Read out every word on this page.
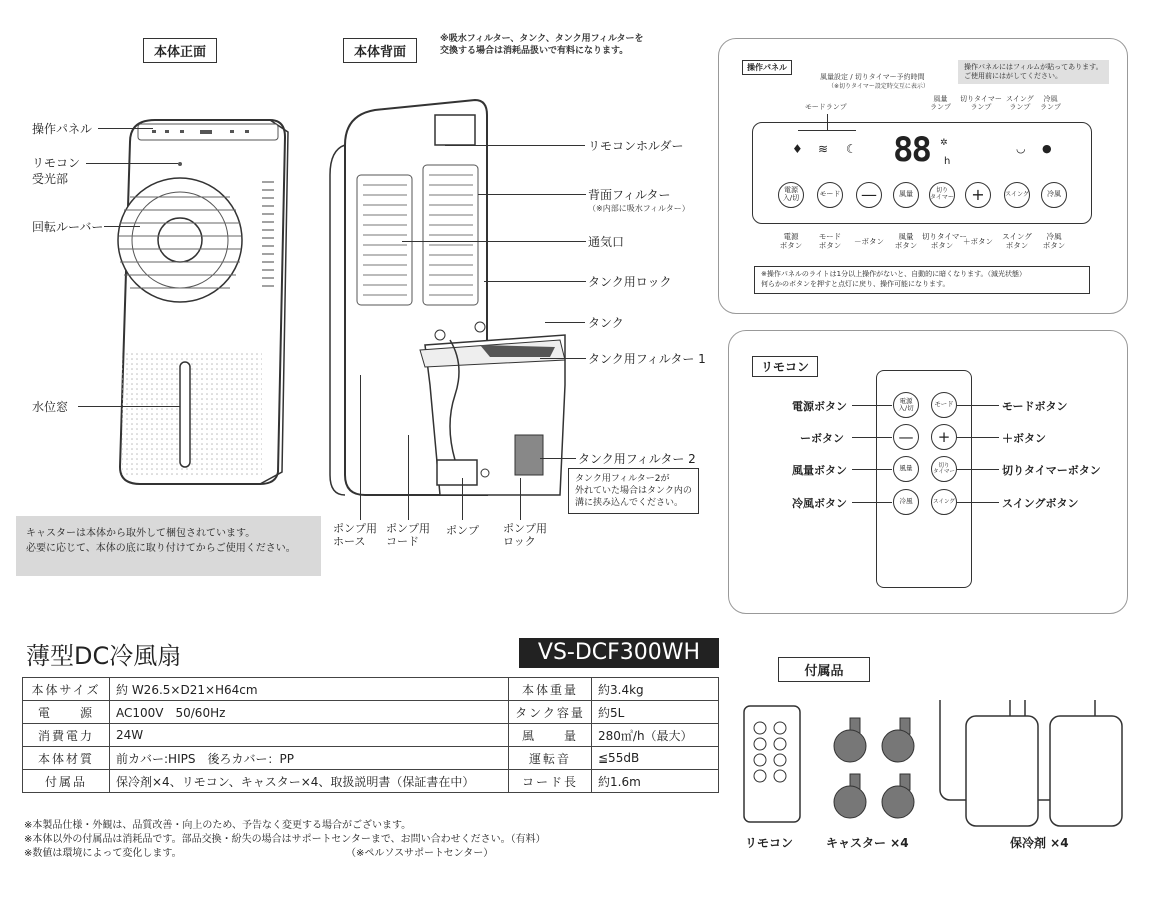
本体正面
操作パネル
リモコン
受光部
回転ルーバー
水位窓
本体背面
※吸水フィルター、タンク、タンク用フィルターを
交換する場合は消耗品扱いで有料になります。
リモコンホルダー
背面フィルター
（※内部に吸水フィルター）
通気口
タンク用ロック
タンク
タンク用フィルター 1
タンク用フィルター 2
タンク用フィルター2が
外れていた場合はタンク内の
溝に挟み込んでください。
ポンプ用
ホース
ポンプ用
コード
ポンプ ポンプ用
ロック
キャスターは本体から取外して梱包されています。
必要に応じて、本体の底に取り付けてからご使用ください。
操作パネル	操作パネルにはフィルムが貼ってあります。
ご使用前にはがしてください。
風量設定 / 切りタイマー予約時間
（※切りタイマー設定時交互に表示）
モードランプ
風量
ランプ
切りタイマー
ランプ
スイング
ランプ
冷風
ランプ
♦ ≋ ☾ 88 h
✲	◡ ●
電源
入/切	モード	—	風量	切り
タイマー	+	スイング	冷風
電源
ボタン
モード
ボタン	－ボタン
風量
ボタン
切りタイマー
ボタン	＋ボタン
スイング
ボタン
冷風
ボタン
※操作パネルのライトは1分以上操作がないと、自動的に暗くなります。（減光状態）
何らかのボタンを押すと点灯に戻り、操作可能になります。
リモコン
電源ボタン
ーボタン
風量ボタン
冷風ボタン
電源
入/切	モード
—	+
風量	切り
タイマー
冷風	スイング
モードボタン
＋ボタン
切りタイマーボタン
スイングボタン
薄型DC冷風扇	VS-DCF300WH
本体サイズ	約 W26.5×D21×H64cm	本体重量	約3.4kg
電　　源	AC100V　50/60Hz	タンク容量	約5L
消費電力	24W	風　　量	280㎥/h（最大）
本体材質	前カバー:HIPS　後ろカバー：PP	運転音	≦55dB
付属品	保冷剤×4、リモコン、キャスター×4、取扱説明書（保証書在中）	コード長	約1.6m
※本製品仕様・外観は、品質改善・向上のため、予告なく変更する場合がございます。
※本体以外の付属品は消耗品です。部品交換・紛失の場合はサポートセンターまで、お問い合わせください。（有料）
※数値は環境によって変化します。	（※ペルソスサポートセンター）
付属品
リモコン	キャスター ×4	保冷剤 ×4
